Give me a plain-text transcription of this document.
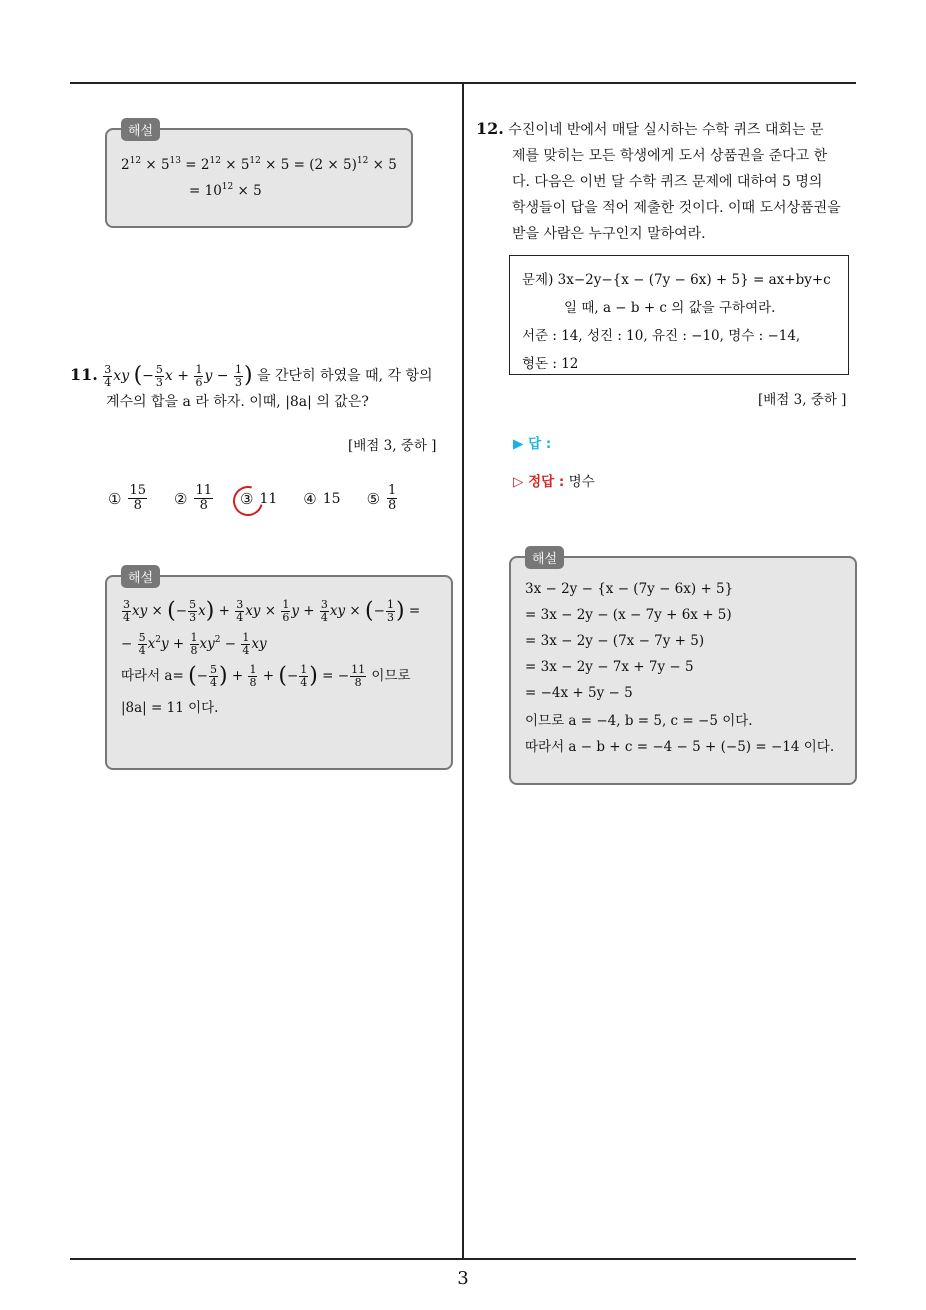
3
해설
$2^{12} \times 5^{13} = 2^{12} \times 5^{12} \times 5 = (2 \times 5)^{12} \times 5$
= $10^{12} \times 5$
11. $\frac{3}{4}$ xy (− $\frac{5}{3}$ $x + \frac{1}{6}$ $y - \frac{1}{3}$ ) 을 간단히 하였을 때, 각 항의
계수의 합을 a 라 하자. 이때, |8a| 의 값은?
[배점 3, 중하 ]
① $\frac{15}{8}$ ② $\frac{11}{8}$ ③ 11 ④ 15 ⑤ $\frac{1}{8}$
해설
$\frac{3}{4}$ xy × (− $\frac{5}{3} x) + \frac{3}{4}$ xy × $\frac{1}{6}$ $y + \frac{3}{4}$ xy × (− $\frac{1}{3}$ ) =
− $\frac{5}{4} x^2y + \frac{1}{8} xy^2 - \frac{1}{4}$ xy
따라서 a= (− $\frac{5}{4}$ ) + $\frac{1}{8}$ + (− $\frac{1}{4}$ ) = − $\frac{11}{8}$ 이므로
|8a| = 11 이다.
12. 수진이네 반에서 매달 실시하는 수학 퀴즈 대회는 문
제를 맞히는 모든 학생에게 도서 상품권을 준다고 한
다. 다음은 이번 달 수학 퀴즈 문제에 대하여 5 명의
학생들이 답을 적어 제출한 것이다. 이때 도서상품권을
받을 사람은 누구인지 말하여라.
문제) 3x−2y−{x − (7y − 6x) + 5} = ax+by+c
일 때, a − b + c 의 값을 구하여라.
서준 : 14, 성진 : 10, 유진 : −10, 명수 : −14,
형돈 : 12
[배점 3, 중하 ]
▶ 답 :
▷ 정답 : 명수
해설
3x − 2y − {x − (7y − 6x) + 5}
= 3x − 2y − (x − 7y + 6x + 5)
= 3x − 2y − (7x − 7y + 5)
= 3x − 2y − 7x + 7y − 5
= −4x + 5y − 5
이므로 a = −4, b = 5, c = −5 이다.
따라서 a − b + c = −4 − 5 + (−5) = −14 이다.
